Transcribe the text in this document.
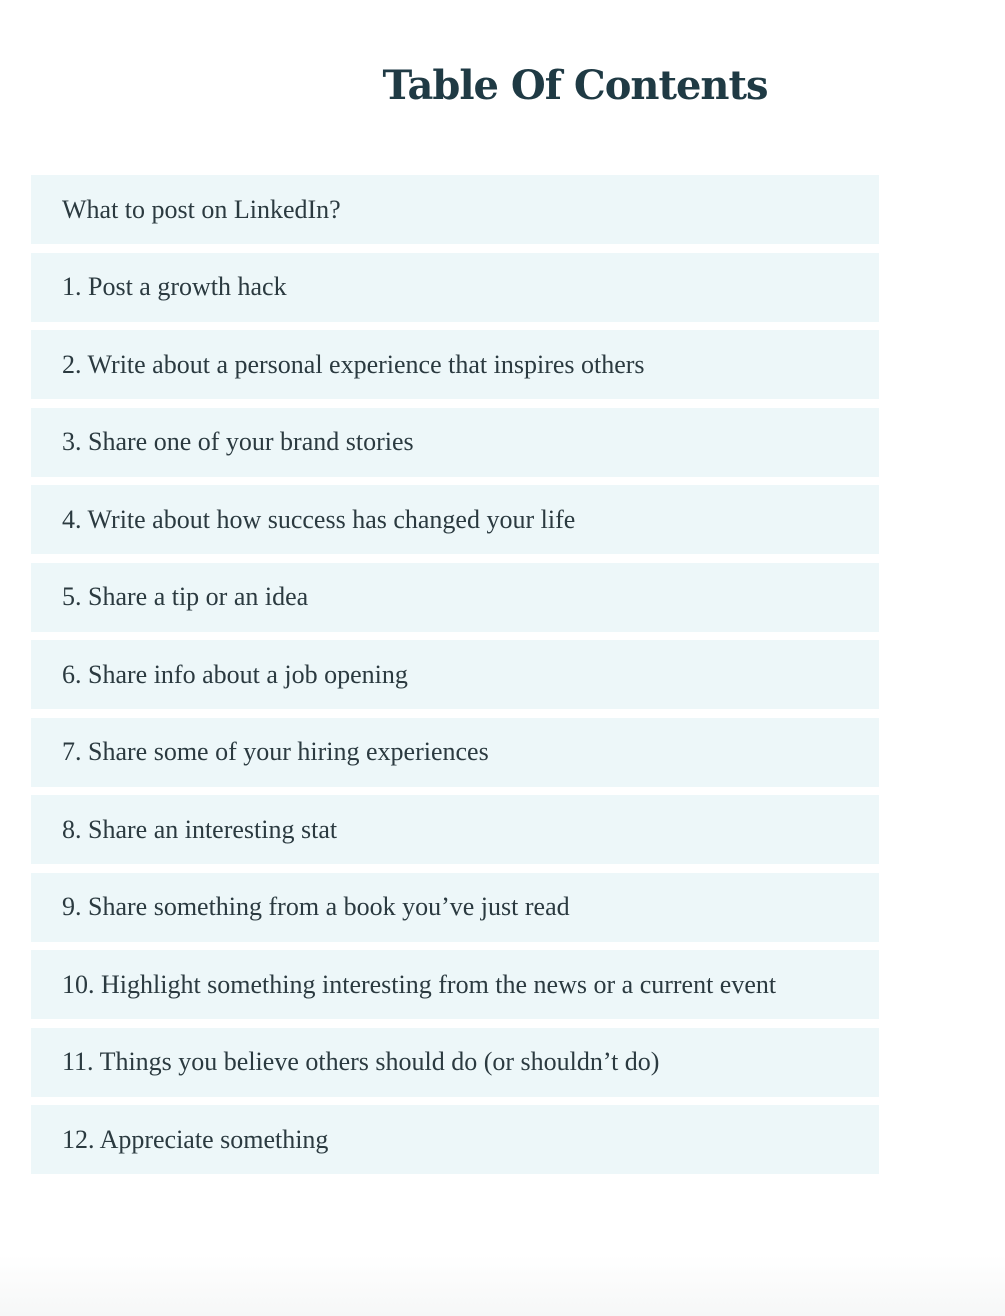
Table Of Contents
What to post on LinkedIn?
1. Post a growth hack
2. Write about a personal experience that inspires others
3. Share one of your brand stories
4. Write about how success has changed your life
5. Share a tip or an idea
6. Share info about a job opening
7. Share some of your hiring experiences
8. Share an interesting stat
9. Share something from a book you’ve just read
10. Highlight something interesting from the news or a current event
11. Things you believe others should do (or shouldn’t do)
12. Appreciate something
